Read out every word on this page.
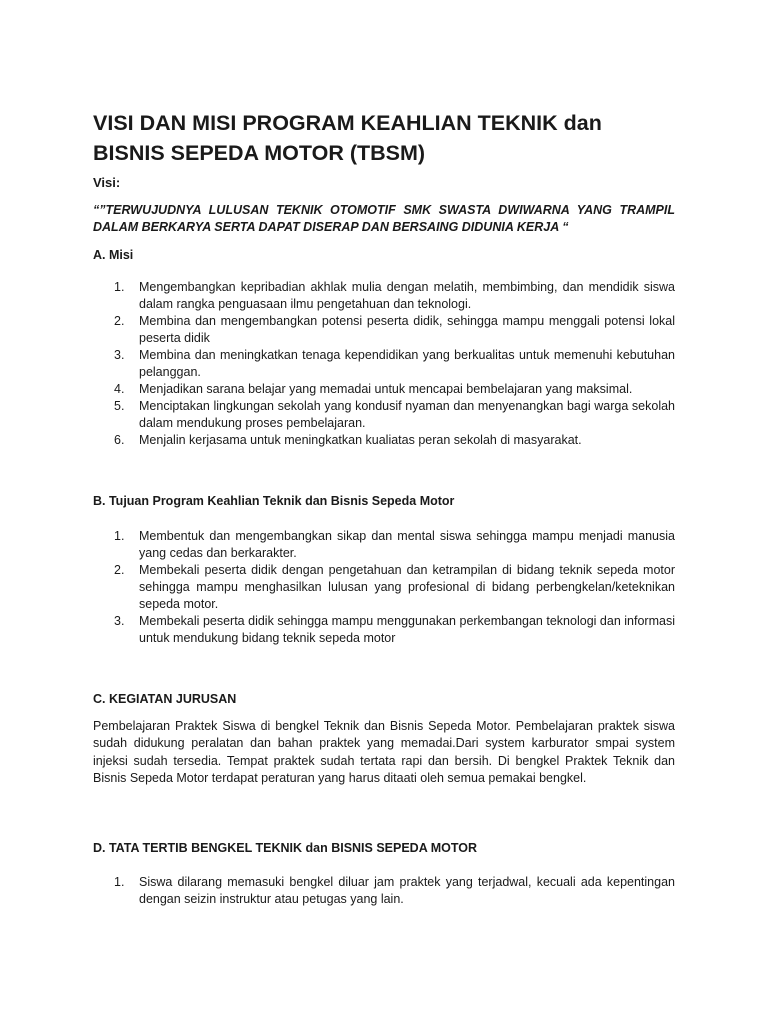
VISI DAN MISI PROGRAM KEAHLIAN TEKNIK dan BISNIS SEPEDA MOTOR (TBSM)
Visi:

“”TERWUJUDNYA LULUSAN TEKNIK OTOMOTIF SMK SWASTA DWIWARNA YANG TRAMPIL DALAM BERKARYA SERTA DAPAT DISERAP DAN BERSAING DIDUNIA KERJA “

A. Misi
1. Mengembangkan kepribadian akhlak mulia dengan melatih, membimbing, dan mendidik siswa dalam rangka penguasaan ilmu pengetahuan dan teknologi.
2. Membina dan mengembangkan potensi peserta didik, sehingga mampu menggali potensi lokal peserta didik
3. Membina dan meningkatkan tenaga kependidikan yang berkualitas untuk memenuhi kebutuhan pelanggan.
4. Menjadikan sarana belajar yang memadai untuk mencapai bembelajaran yang maksimal.
5. Menciptakan lingkungan sekolah yang kondusif nyaman dan menyenangkan bagi warga sekolah dalam mendukung proses pembelajaran.
6. Menjalin kerjasama untuk meningkatkan kualiatas peran sekolah di masyarakat.
B. Tujuan Program Keahlian Teknik dan Bisnis Sepeda Motor
1. Membentuk dan mengembangkan sikap dan mental siswa sehingga mampu menjadi manusia yang cedas dan berkarakter.
2. Membekali peserta didik dengan pengetahuan dan ketrampilan di bidang teknik sepeda motor sehingga mampu menghasilkan lulusan yang profesional di bidang perbengkelan/keteknikan sepeda motor.
3. Membekali peserta didik sehingga mampu menggunakan perkembangan teknologi dan informasi untuk mendukung bidang teknik sepeda motor
C. KEGIATAN JURUSAN

Pembelajaran Praktek Siswa di bengkel Teknik dan Bisnis Sepeda Motor. Pembelajaran praktek siswa sudah didukung peralatan dan bahan praktek yang memadai.Dari system karburator smpai system injeksi sudah tersedia. Tempat praktek sudah tertata rapi dan bersih. Di bengkel Praktek Teknik dan Bisnis Sepeda Motor terdapat peraturan yang harus ditaati oleh semua pemakai bengkel.

D. TATA TERTIB BENGKEL TEKNIK dan BISNIS SEPEDA MOTOR
1. Siswa dilarang memasuki bengkel diluar jam praktek yang terjadwal, kecuali ada kepentingan dengan seizin instruktur atau petugas yang lain.
